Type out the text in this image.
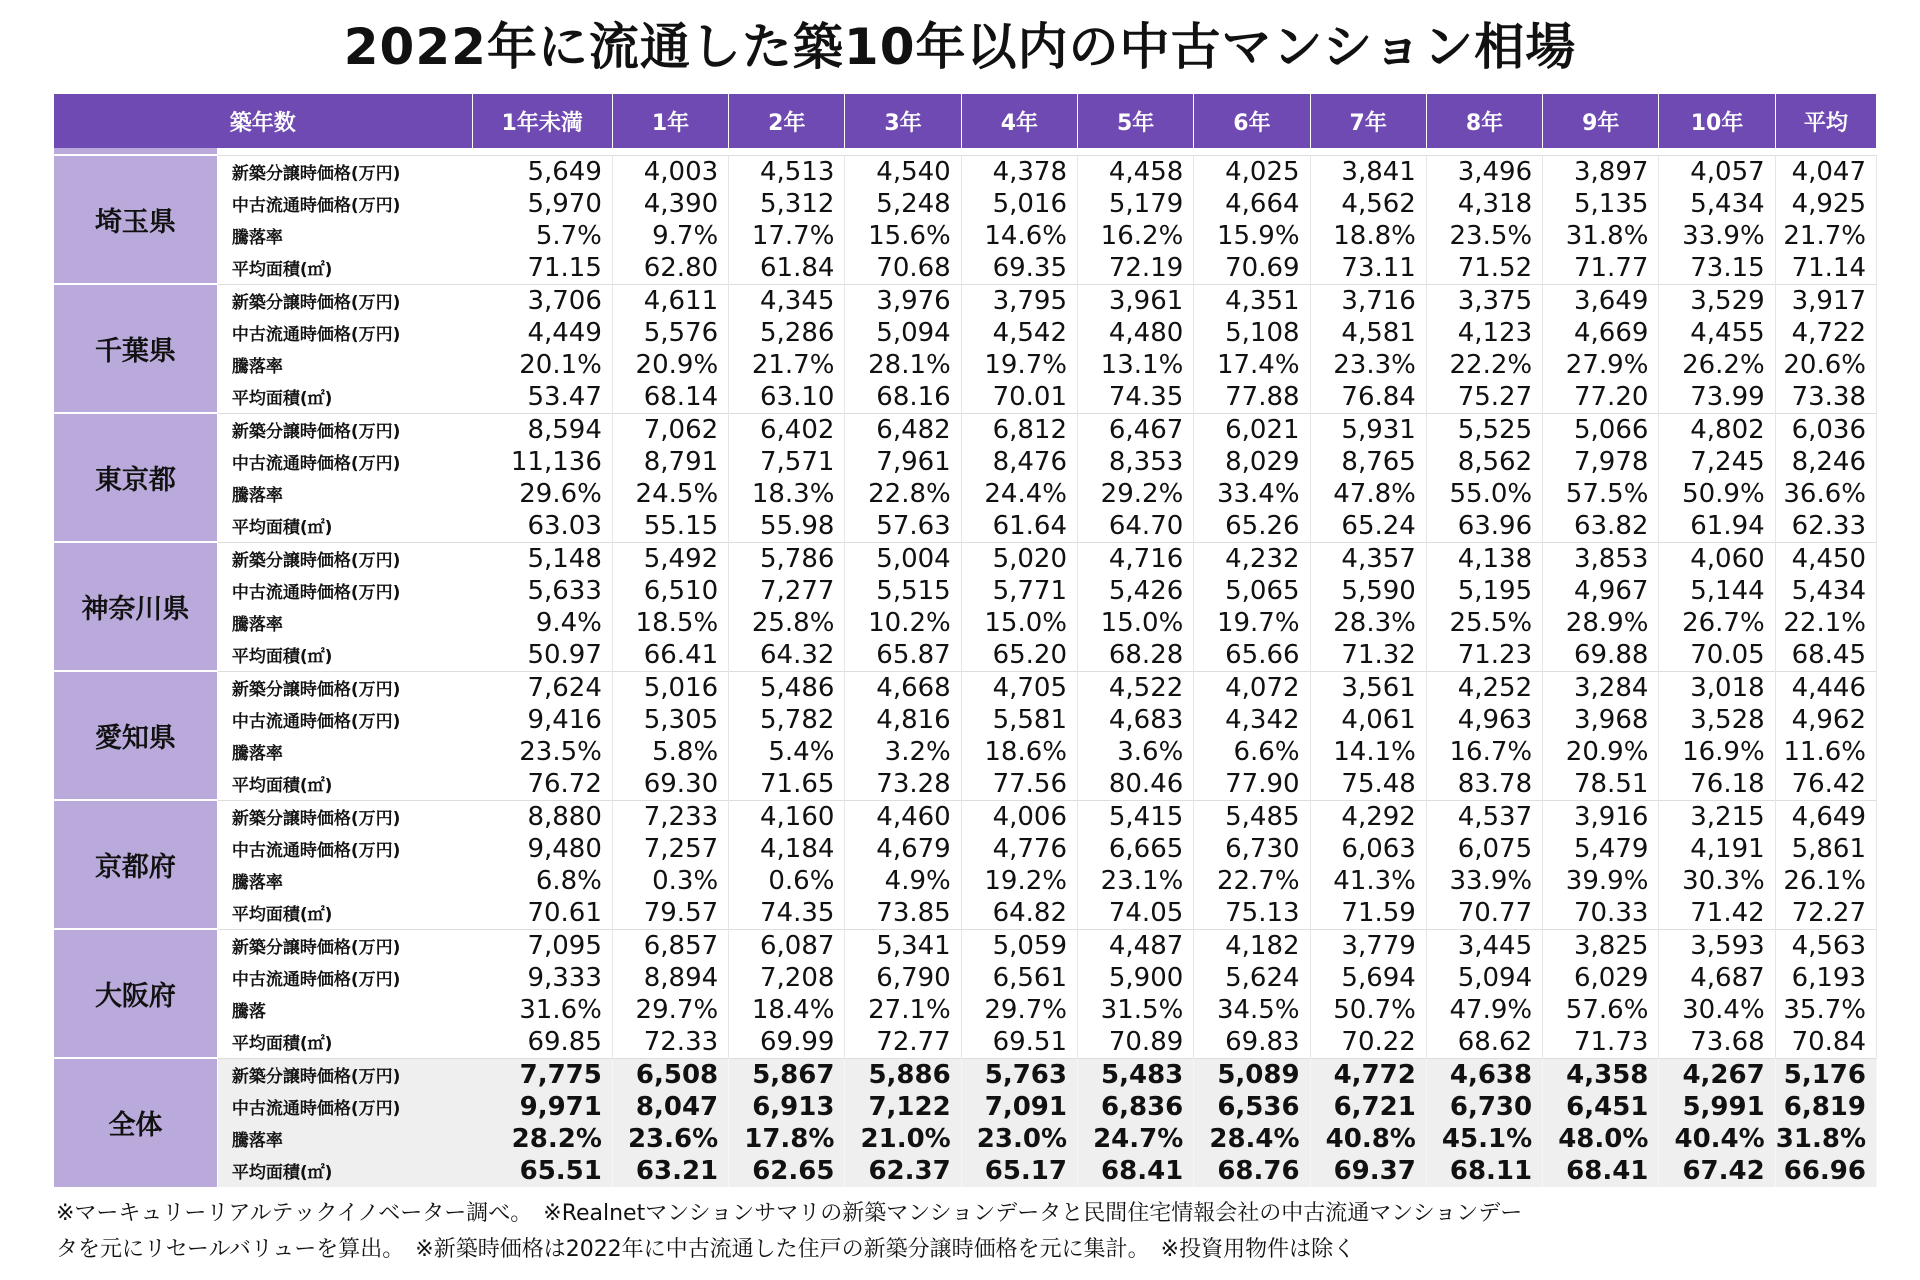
2022年に流通した築10年以内の中古マンション相場
築年数		1年未満	1年	2年	3年	4年	5年	6年	7年	8年	9年	10年	平均

埼玉県	新築分譲時価格(万円)	5,649	4,003	4,513	4,540	4,378	4,458	4,025	3,841	3,496	3,897	4,057	4,047
	中古流通時価格(万円)	5,970	4,390	5,312	5,248	5,016	5,179	4,664	4,562	4,318	5,135	5,434	4,925
	騰落率	5.7%	9.7%	17.7%	15.6%	14.6%	16.2%	15.9%	18.8%	23.5%	31.8%	33.9%	21.7%
	平均面積(㎡)	71.15	62.80	61.84	70.68	69.35	72.19	70.69	73.11	71.52	71.77	73.15	71.14
千葉県	新築分譲時価格(万円)	3,706	4,611	4,345	3,976	3,795	3,961	4,351	3,716	3,375	3,649	3,529	3,917
	中古流通時価格(万円)	4,449	5,576	5,286	5,094	4,542	4,480	5,108	4,581	4,123	4,669	4,455	4,722
	騰落率	20.1%	20.9%	21.7%	28.1%	19.7%	13.1%	17.4%	23.3%	22.2%	27.9%	26.2%	20.6%
	平均面積(㎡)	53.47	68.14	63.10	68.16	70.01	74.35	77.88	76.84	75.27	77.20	73.99	73.38
東京都	新築分譲時価格(万円)	8,594	7,062	6,402	6,482	6,812	6,467	6,021	5,931	5,525	5,066	4,802	6,036
	中古流通時価格(万円)	11,136	8,791	7,571	7,961	8,476	8,353	8,029	8,765	8,562	7,978	7,245	8,246
	騰落率	29.6%	24.5%	18.3%	22.8%	24.4%	29.2%	33.4%	47.8%	55.0%	57.5%	50.9%	36.6%
	平均面積(㎡)	63.03	55.15	55.98	57.63	61.64	64.70	65.26	65.24	63.96	63.82	61.94	62.33
神奈川県	新築分譲時価格(万円)	5,148	5,492	5,786	5,004	5,020	4,716	4,232	4,357	4,138	3,853	4,060	4,450
	中古流通時価格(万円)	5,633	6,510	7,277	5,515	5,771	5,426	5,065	5,590	5,195	4,967	5,144	5,434
	騰落率	9.4%	18.5%	25.8%	10.2%	15.0%	15.0%	19.7%	28.3%	25.5%	28.9%	26.7%	22.1%
	平均面積(㎡)	50.97	66.41	64.32	65.87	65.20	68.28	65.66	71.32	71.23	69.88	70.05	68.45
愛知県	新築分譲時価格(万円)	7,624	5,016	5,486	4,668	4,705	4,522	4,072	3,561	4,252	3,284	3,018	4,446
	中古流通時価格(万円)	9,416	5,305	5,782	4,816	5,581	4,683	4,342	4,061	4,963	3,968	3,528	4,962
	騰落率	23.5%	5.8%	5.4%	3.2%	18.6%	3.6%	6.6%	14.1%	16.7%	20.9%	16.9%	11.6%
	平均面積(㎡)	76.72	69.30	71.65	73.28	77.56	80.46	77.90	75.48	83.78	78.51	76.18	76.42
京都府	新築分譲時価格(万円)	8,880	7,233	4,160	4,460	4,006	5,415	5,485	4,292	4,537	3,916	3,215	4,649
	中古流通時価格(万円)	9,480	7,257	4,184	4,679	4,776	6,665	6,730	6,063	6,075	5,479	4,191	5,861
	騰落率	6.8%	0.3%	0.6%	4.9%	19.2%	23.1%	22.7%	41.3%	33.9%	39.9%	30.3%	26.1%
	平均面積(㎡)	70.61	79.57	74.35	73.85	64.82	74.05	75.13	71.59	70.77	70.33	71.42	72.27
大阪府	新築分譲時価格(万円)	7,095	6,857	6,087	5,341	5,059	4,487	4,182	3,779	3,445	3,825	3,593	4,563
	中古流通時価格(万円)	9,333	8,894	7,208	6,790	6,561	5,900	5,624	5,694	5,094	6,029	4,687	6,193
	騰落	31.6%	29.7%	18.4%	27.1%	29.7%	31.5%	34.5%	50.7%	47.9%	57.6%	30.4%	35.7%
	平均面積(㎡)	69.85	72.33	69.99	72.77	69.51	70.89	69.83	70.22	68.62	71.73	73.68	70.84
全体	新築分譲時価格(万円)	7,775	6,508	5,867	5,886	5,763	5,483	5,089	4,772	4,638	4,358	4,267	5,176
	中古流通時価格(万円)	9,971	8,047	6,913	7,122	7,091	6,836	6,536	6,721	6,730	6,451	5,991	6,819
	騰落率	28.2%	23.6%	17.8%	21.0%	23.0%	24.7%	28.4%	40.8%	45.1%	48.0%	40.4%	31.8%
	平均面積(㎡)	65.51	63.21	62.65	62.37	65.17	68.41	68.76	69.37	68.11	68.41	67.42	66.96
※マーキュリーリアルテックイノベーター調べ。　※Realnetマンションサマリの新築マンションデータと民間住宅情報会社の中古流通マンションデー
タを元にリセールバリューを算出。　※新築時価格は2022年に中古流通した住戸の新築分譲時価格を元に集計。　※投資用物件は除く
